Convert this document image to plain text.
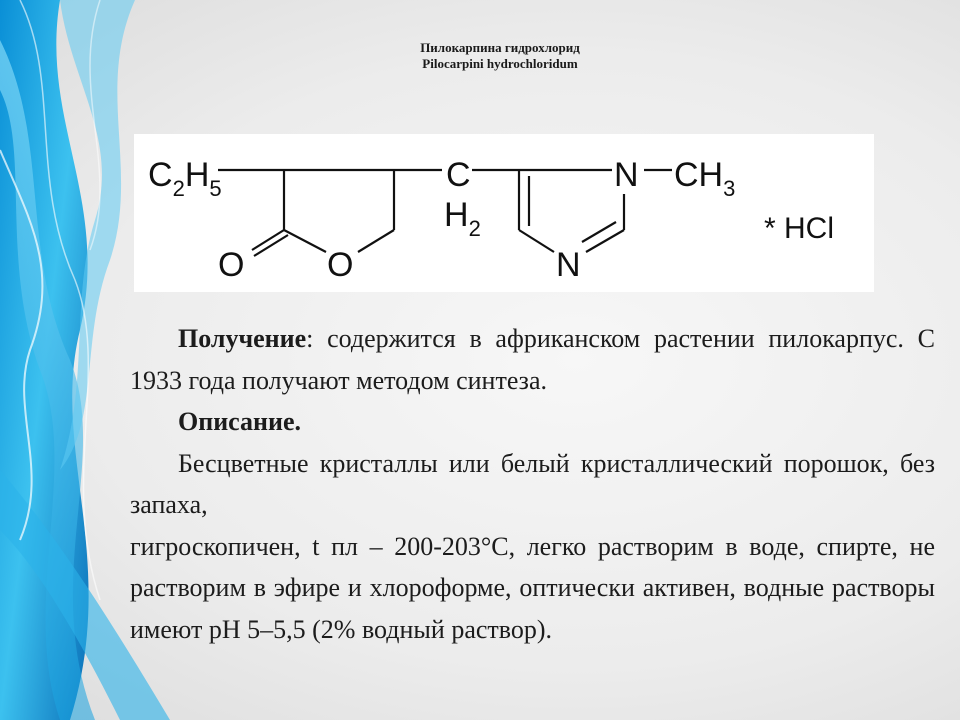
Пилокарпина гидрохлорид
Pilocarpini hydrochloridum
$C_2H_5$	C
$H_2$
N $CH_3$
O O	N
* HCl
Получение: содержится в африканском растении пилокарпус. С 1933 года получают методом синтеза.
Описание.
Бесцветные кристаллы или белый кристаллический порошок, без запаха,
гигроскопичен, t пл – 200-203°С, легко растворим в воде, спирте, не растворим в эфире и хлороформе, оптически активен, водные растворы имеют pH 5–5,5 (2% водный раствор).
